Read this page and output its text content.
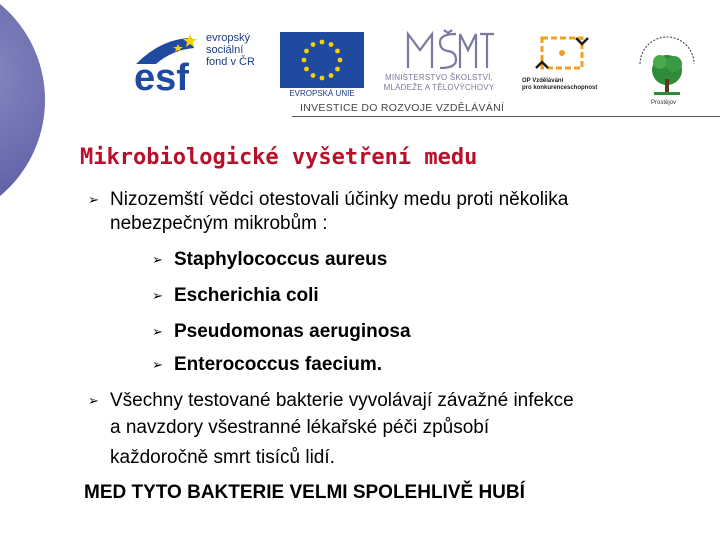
esf
evropský
sociální
fond v ČR
EVROPSKÁ UNIE
MINISTERSTVO ŠKOLSTVÍ,
MLÁDEŽE A TĚLOVÝCHOVY
OP Vzdělávání
pro konkurenceschopnost
Prostějov
INVESTICE DO ROZVOJE VZDĚLÁVÁNÍ
Mikrobiologické vyšetření medu
➢ Nizozemští vědci otestovali účinky medu proti několika
nebezpečným mikrobům :
➢ Staphylococcus aureus
➢ Escherichia coli
➢ Pseudomonas aeruginosa
➢ Enterococcus faecium.
➢ Všechny testované bakterie vyvolávají závažné infekce
a navzdory všestranné lékařské péči způsobí
každoročně smrt tisíců lidí.
MED TYTO BAKTERIE VELMI SPOLEHLIVĚ HUBÍ
